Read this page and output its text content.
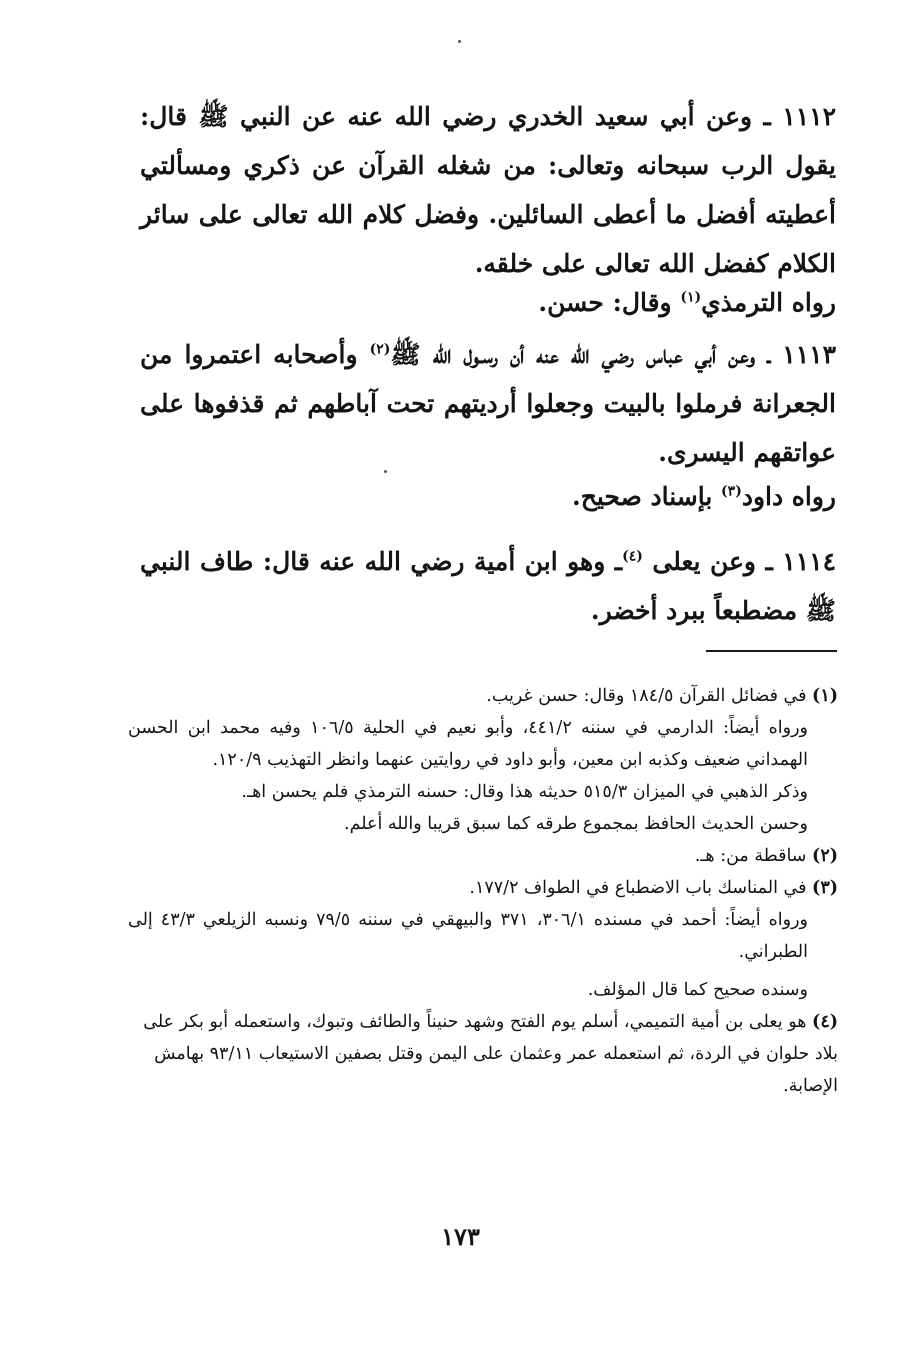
١١١٢ ـ وعن أبي سعيد الخدري رضي الله عنه عن النبي ﷺ قال: يقول الرب سبحانه وتعالى: من شغله القرآن عن ذكري ومسألتي أعطيته أفضل ما أعطى السائلين. وفضل كلام الله تعالى على سائر الكلام كفضل الله تعالى على خلقه.
رواه الترمذي$^{(١)}$ وقال: حسن.
١١١٣ ـ وعن أبي عباس رضي الله عنه أن رسـول الله ﷺ$^{(٢)}$ وأصحابه اعتمروا من الجعرانة فرملوا بالبيت وجعلوا أرديتهم تحت آباطهم ثم قذفوها على عواتقهم اليسرى.
رواه داود$^{(٣)}$ بإسناد صحيح.
١١١٤ ـ وعن يعلى $^{(٤)}$ـ وهو ابن أمية رضي الله عنه قال: طاف النبي ﷺ مضطبعاً ببرد أخضر.

(١) في فضائل القرآن ١٨٤/٥ وقال: حسن غريب.

ورواه أيضاً: الدارمي في سننه ٤٤١/٢، وأبو نعيم في الحلية ١٠٦/٥ وفيه محمد ابن الحسن الهمداني ضعيف وكذبه ابن معين، وأبو داود في روايتين عنهما وانظر التهذيب ١٢٠/٩.

وذكر الذهبي في الميزان ٥١٥/٣ حديثه هذا وقال: حسنه الترمذي فلم يحسن اهـ.

وحسن الحديث الحافظ بمجموع طرقه كما سبق قريبا والله أعلم.

(٢) ساقطة من: هـ.

(٣) في المناسك باب الاضطباع في الطواف ١٧٧/٢.

ورواه أيضاً: أحمد في مسنده ٣٠٦/١، ٣٧١ والبيهقي في سننه ٧٩/٥ ونسبه الزيلعي ٤٣/٣ إلى الطبراني.

وسنده صحيح كما قال المؤلف.

(٤) هو يعلى بن أمية التميمي، أسلم يوم الفتح وشهد حنيناً والطائف وتبوك، واستعمله أبو بكر على بلاد حلوان في الردة، ثم استعمله عمر وعثمان على اليمن وقتل بصفين الاستيعاب ٩٣/١١ بهامش الإصابة.

١٧٣
